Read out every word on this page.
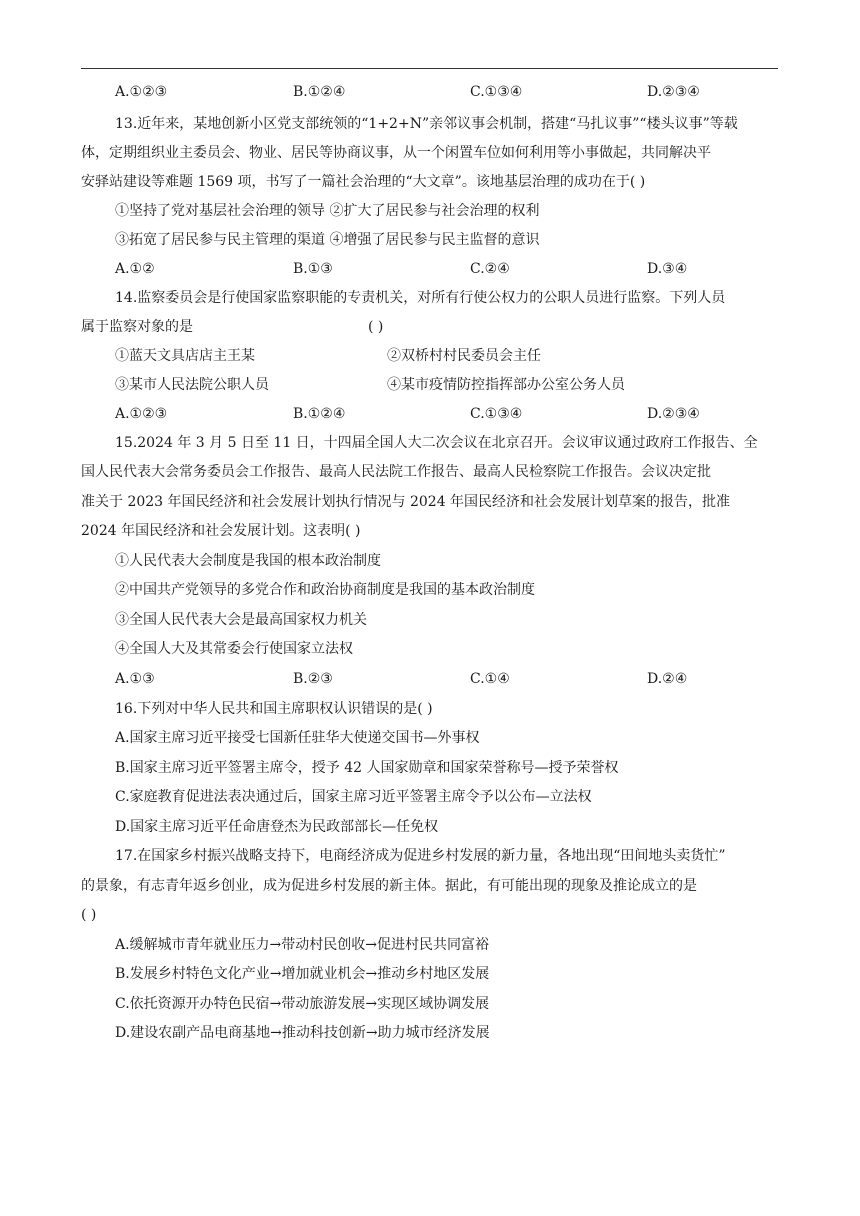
A.①②③	B.①②④	C.①③④	D.②③④
13.近年来，某地创新小区党支部统领的“1+2+N”亲邻议事会机制，搭建“马扎议事”“楼头议事”等载
体，定期组织业主委员会、物业、居民等协商议事，从一个闲置车位如何利用等小事做起，共同解决平
安驿站建设等难题 1569 项，书写了一篇社会治理的“大文章”。该地基层治理的成功在于( )
①坚持了党对基层社会治理的领导 ②扩大了居民参与社会治理的权利
③拓宽了居民参与民主管理的渠道 ④增强了居民参与民主监督的意识
A.①②	B.①③	C.②④	D.③④
14.监察委员会是行使国家监察职能的专责机关，对所有行使公权力的公职人员进行监察。下列人员
属于监察对象的是	( )
①蓝天文具店店主王某	②双桥村村民委员会主任
③某市人民法院公职人员	④某市疫情防控指挥部办公室公务人员
A.①②③	B.①②④	C.①③④	D.②③④
15.2024 年 3 月 5 日至 11 日，十四届全国人大二次会议在北京召开。会议审议通过政府工作报告、全
国人民代表大会常务委员会工作报告、最高人民法院工作报告、最高人民检察院工作报告。会议决定批
准关于 2023 年国民经济和社会发展计划执行情况与 2024 年国民经济和社会发展计划草案的报告，批准
2024 年国民经济和社会发展计划。这表明( )
①人民代表大会制度是我国的根本政治制度
②中国共产党领导的多党合作和政治协商制度是我国的基本政治制度
③全国人民代表大会是最高国家权力机关
④全国人大及其常委会行使国家立法权
A.①③	B.②③	C.①④	D.②④
16.下列对中华人民共和国主席职权认识错误的是( )
A.国家主席习近平接受七国新任驻华大使递交国书—外事权
B.国家主席习近平签署主席令，授予 42 人国家勋章和国家荣誉称号—授予荣誉权
C.家庭教育促进法表决通过后，国家主席习近平签署主席令予以公布—立法权
D.国家主席习近平任命唐登杰为民政部部长—任免权
17.在国家乡村振兴战略支持下，电商经济成为促进乡村发展的新力量，各地出现“田间地头卖货忙”
的景象，有志青年返乡创业，成为促进乡村发展的新主体。据此，有可能出现的现象及推论成立的是
( )
A.缓解城市青年就业压力→带动村民创收→促进村民共同富裕
B.发展乡村特色文化产业→增加就业机会→推动乡村地区发展
C.依托资源开办特色民宿→带动旅游发展→实现区域协调发展
D.建设农副产品电商基地→推动科技创新→助力城市经济发展
